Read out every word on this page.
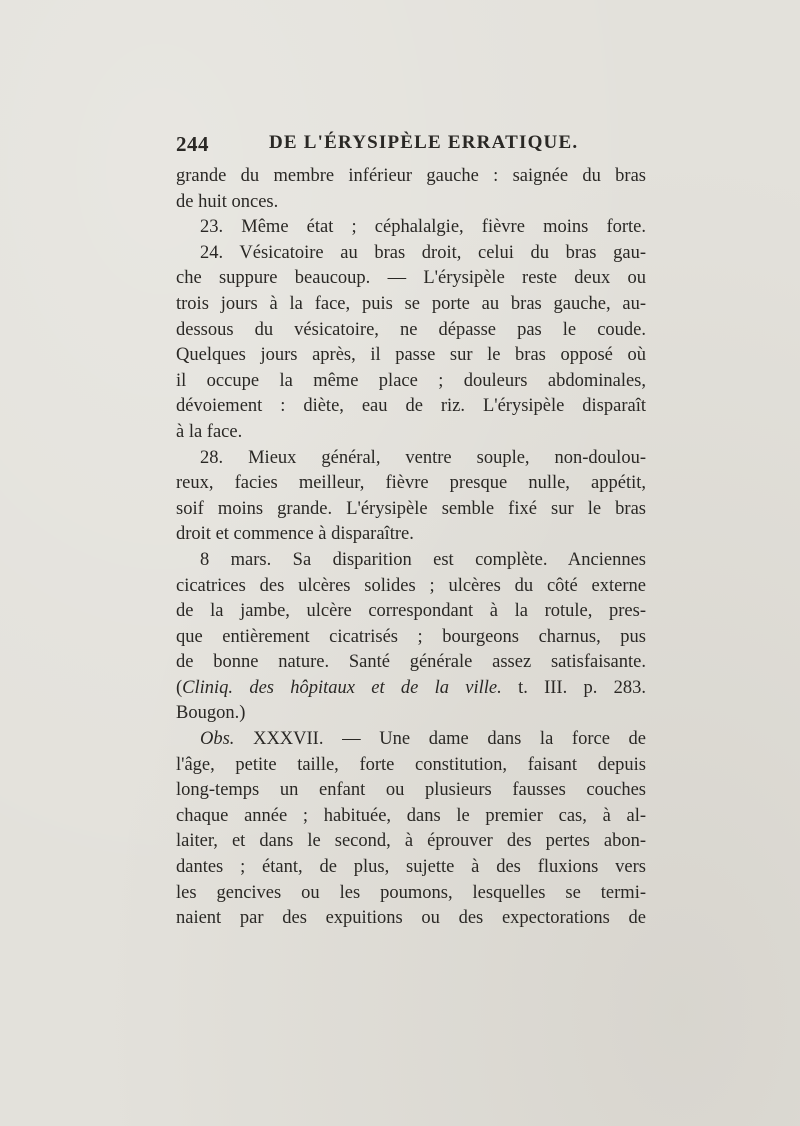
244	DE L'ÉRYSIPÈLE ERRATIQUE.
grande du membre inférieur gauche : saignée du bras
de huit onces.
23. Même état ; céphalalgie, fièvre moins forte.
24. Vésicatoire au bras droit, celui du bras gau-
che suppure beaucoup. — L'érysipèle reste deux ou
trois jours à la face, puis se porte au bras gauche, au-
dessous du vésicatoire, ne dépasse pas le coude.
Quelques jours après, il passe sur le bras opposé où
il occupe la même place ; douleurs abdominales,
dévoiement : diète, eau de riz. L'érysipèle disparaît
à la face.
28. Mieux général, ventre souple, non-doulou-
reux, facies meilleur, fièvre presque nulle, appétit,
soif moins grande. L'érysipèle semble fixé sur le bras
droit et commence à disparaître.
8 mars. Sa disparition est complète. Anciennes
cicatrices des ulcères solides ; ulcères du côté externe
de la jambe, ulcère correspondant à la rotule, pres-
que entièrement cicatrisés ; bourgeons charnus, pus
de bonne nature. Santé générale assez satisfaisante.
(Cliniq. des hôpitaux et de la ville. t. III. p. 283.
Bougon.)
Obs. XXXVII. — Une dame dans la force de
l'âge, petite taille, forte constitution, faisant depuis
long-temps un enfant ou plusieurs fausses couches
chaque année ; habituée, dans le premier cas, à al-
laiter, et dans le second, à éprouver des pertes abon-
dantes ; étant, de plus, sujette à des fluxions vers
les gencives ou les poumons, lesquelles se termi-
naient par des expuitions ou des expectorations de
